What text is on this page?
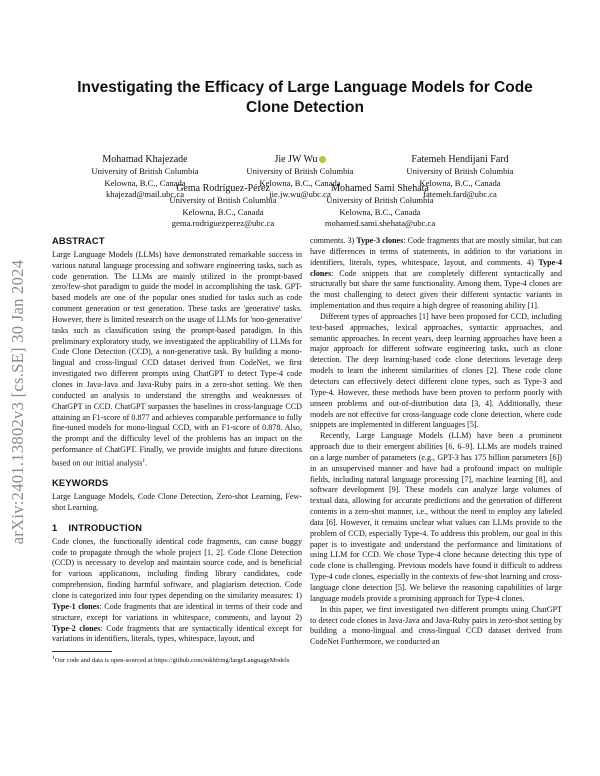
arXiv:2401.13802v3 [cs.SE] 30 Jan 2024
Investigating the Efficacy of Large Language Models for Code Clone Detection
Mohamad Khajezade
University of British Columbia
Kelowna, B.C., Canada
khajezad@mail.ubc.ca
Jie JW Wu
University of British Columbia
Kelowna, B.C., Canada
jie.jw.wu@ubc.ca
Fatemeh Hendijani Fard
University of British Columbia
Kelowna, B.C., Canada
fatemeh.fard@ubc.ca
Gema Rodríguez-Pérez
University of British Columbia
Kelowna, B.C., Canada
gema.rodriguezperez@ubc.ca
Mohamed Sami Shehata
University of British Columbia
Kelowna, B.C., Canada
mohamed.sami.shehata@ubc.ca
ABSTRACT

Large Language Models (LLMs) have demonstrated remarkable success in various natural language processing and software engineering tasks, such as code generation. The LLMs are mainly utilized in the prompt-based zero/few-shot paradigm to guide the model in accomplishing the task. GPT-based models are one of the popular ones studied for tasks such as code comment generation or test generation. These tasks are 'generative' tasks. However, there is limited research on the usage of LLMs for 'non-generative' tasks such as classification using the prompt-based paradigm. In this preliminary exploratory study, we investigated the applicability of LLMs for Code Clone Detection (CCD), a non-generative task. By building a mono-lingual and cross-lingual CCD dataset derived from CodeNet, we first investigated two different prompts using ChatGPT to detect Type-4 code clones in Java-Java and Java-Ruby pairs in a zero-shot setting. We then conducted an analysis to understand the strengths and weaknesses of ChatGPT in CCD. ChatGPT surpasses the baselines in cross-language CCD attaining an F1-score of 0.877 and achieves comparable performance to fully fine-tuned models for mono-lingual CCD, with an F1-score of 0.878. Also, the prompt and the difficulty level of the problems has an impact on the performance of ChatGPT. Finally, we provide insights and future directions based on our initial analysis$^1$.

KEYWORDS

Large Language Models, Code Clone Detection, Zero-shot Learning, Few-shot Learning.

1    INTRODUCTION

Code clones, the functionally identical code fragments, can cause buggy code to propagate through the whole project [1, 2]. Code Clone Detection (CCD) is necessary to develop and maintain source code, and is beneficial for various applications, including finding library candidates, code comprehension, finding harmful software, and plagiarism detection. Code clone is categorized into four types depending on the similarity measures: 1) Type-1 clones: Code fragments that are identical in terms of their code and structure, except for variations in whitespace, comments, and layout 2) Type-2 clones: Code fragments that are syntactically identical except for variations in identifiers, literals, types, whitespace, layout, and

$^1$Our code and data is open-sourced at https://github.com/mkhfring/largeLanguageModels

comments. 3) Type-3 clones: Code fragments that are mostly similar, but can have differences in terms of statements, in addition to the variations in identifiers, literals, types, whitespace, layout, and comments. 4) Type-4 clones: Code snippets that are completely different syntactically and structurally but share the same functionality. Among them, Type-4 clones are the most challenging to detect given their different syntactic variants in implementation and thus require a high degree of reasoning ability [1].

Different types of approaches [1] have been proposed for CCD, including text-based approaches, lexical approaches, syntactic approaches, and semantic approaches. In recent years, deep learning approaches have been a major approach for different software engineering tasks, such as clone detection. The deep learning-based code clone detections leverage deep models to learn the inherent similarities of clones [2]. These code clone detectors can effectively detect different clone types, such as Type-3 and Type-4. However, these methods have been proven to perform poorly with unseen problems and out-of-distribution data [3, 4]. Additionally, these models are not effective for cross-language code clone detection, where code snippets are implemented in different languages [5].

Recently, Large Language Models (LLM) have been a prominent approach due to their emergent abilities [6, 6–9]. LLMs are models trained on a large number of parameters (e.g., GPT-3 has 175 billion parameters [6]) in an unsupervised manner and have had a profound impact on multiple fields, including natural language processing [7], machine learning [8], and software development [9]. These models can analyze large volumes of textual data, allowing for accurate predictions and the generation of different contents in a zero-shot manner, i.e., without the need to employ any labeled data [6]. However, it remains unclear what values can LLMs provide to the problem of CCD, especially Type-4. To address this problem, our goal in this paper is to investigate and understand the performance and limitations of using LLM for CCD. We chose Type-4 clone because detecting this type of code clone is challenging. Previous models have found it difficult to address Type-4 code clones, especially in the contexts of few-shot learning and cross-language clone detection [5]. We believe the reasoning capabilities of large language models provide a promising approach for Type-4 clones.

In this paper, we first investigated two different prompts using ChatGPT to detect code clones in Java-Java and Java-Ruby pairs in zero-shot setting by building a mono-lingual and cross-lingual CCD dataset derived from CodeNet Furthermore, we conducted an
